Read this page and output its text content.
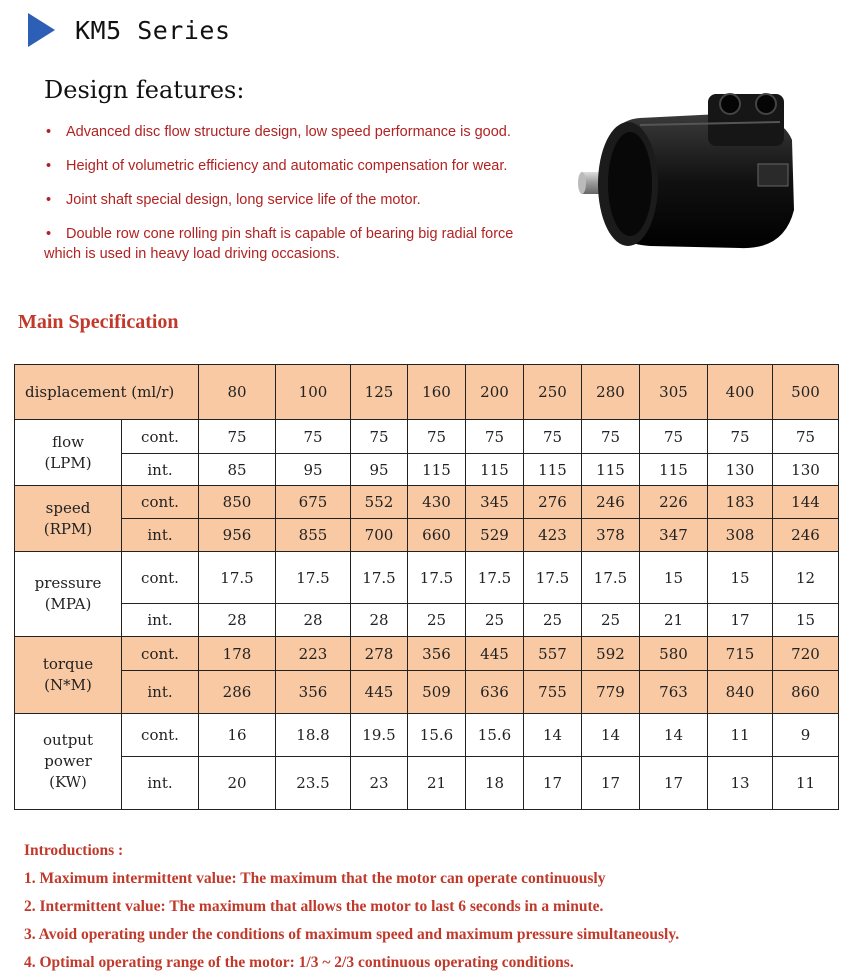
KM5 Series
Design features:
• Advanced disc flow structure design, low speed performance is good.
• Height of volumetric efficiency and automatic compensation for wear.
• Joint shaft special design, long service life of the motor.
• Double row cone rolling pin shaft is capable of bearing big radial force
which is used in heavy load driving occasions.
Main Specification
displacement (ml/r)		80	100	125	160	200	250	280	305	400	500

flow
(LPM)	cont.	75	75	75	75	75	75	75	75	75	75
	int.	85	95	95	115	115	115	115	115	130	130

speed
(RPM)	cont.	850	675	552	430	345	276	246	226	183	144
	int.	956	855	700	660	529	423	378	347	308	246

pressure
(MPA)	cont.	17.5	17.5	17.5	17.5	17.5	17.5	17.5	15	15	12
	int.	28	28	28	25	25	25	25	21	17	15

torque
(N*M)	cont.	178	223	278	356	445	557	592	580	715	720
	int.	286	356	445	509	636	755	779	763	840	860

output power
(KW)	cont.	16	18.8	19.5	15.6	15.6	14	14	14	11	9
	int.	20	23.5	23	21	18	17	17	17	13	11
Introductions :
1. Maximum intermittent value: The maximum that the motor can operate continuously
2. Intermittent value: The maximum that allows the motor to last 6 seconds in a minute.
3. Avoid operating under the conditions of maximum speed and maximum pressure simultaneously.
4. Optimal operating range of the motor: 1/3 ~ 2/3 continuous operating conditions.
